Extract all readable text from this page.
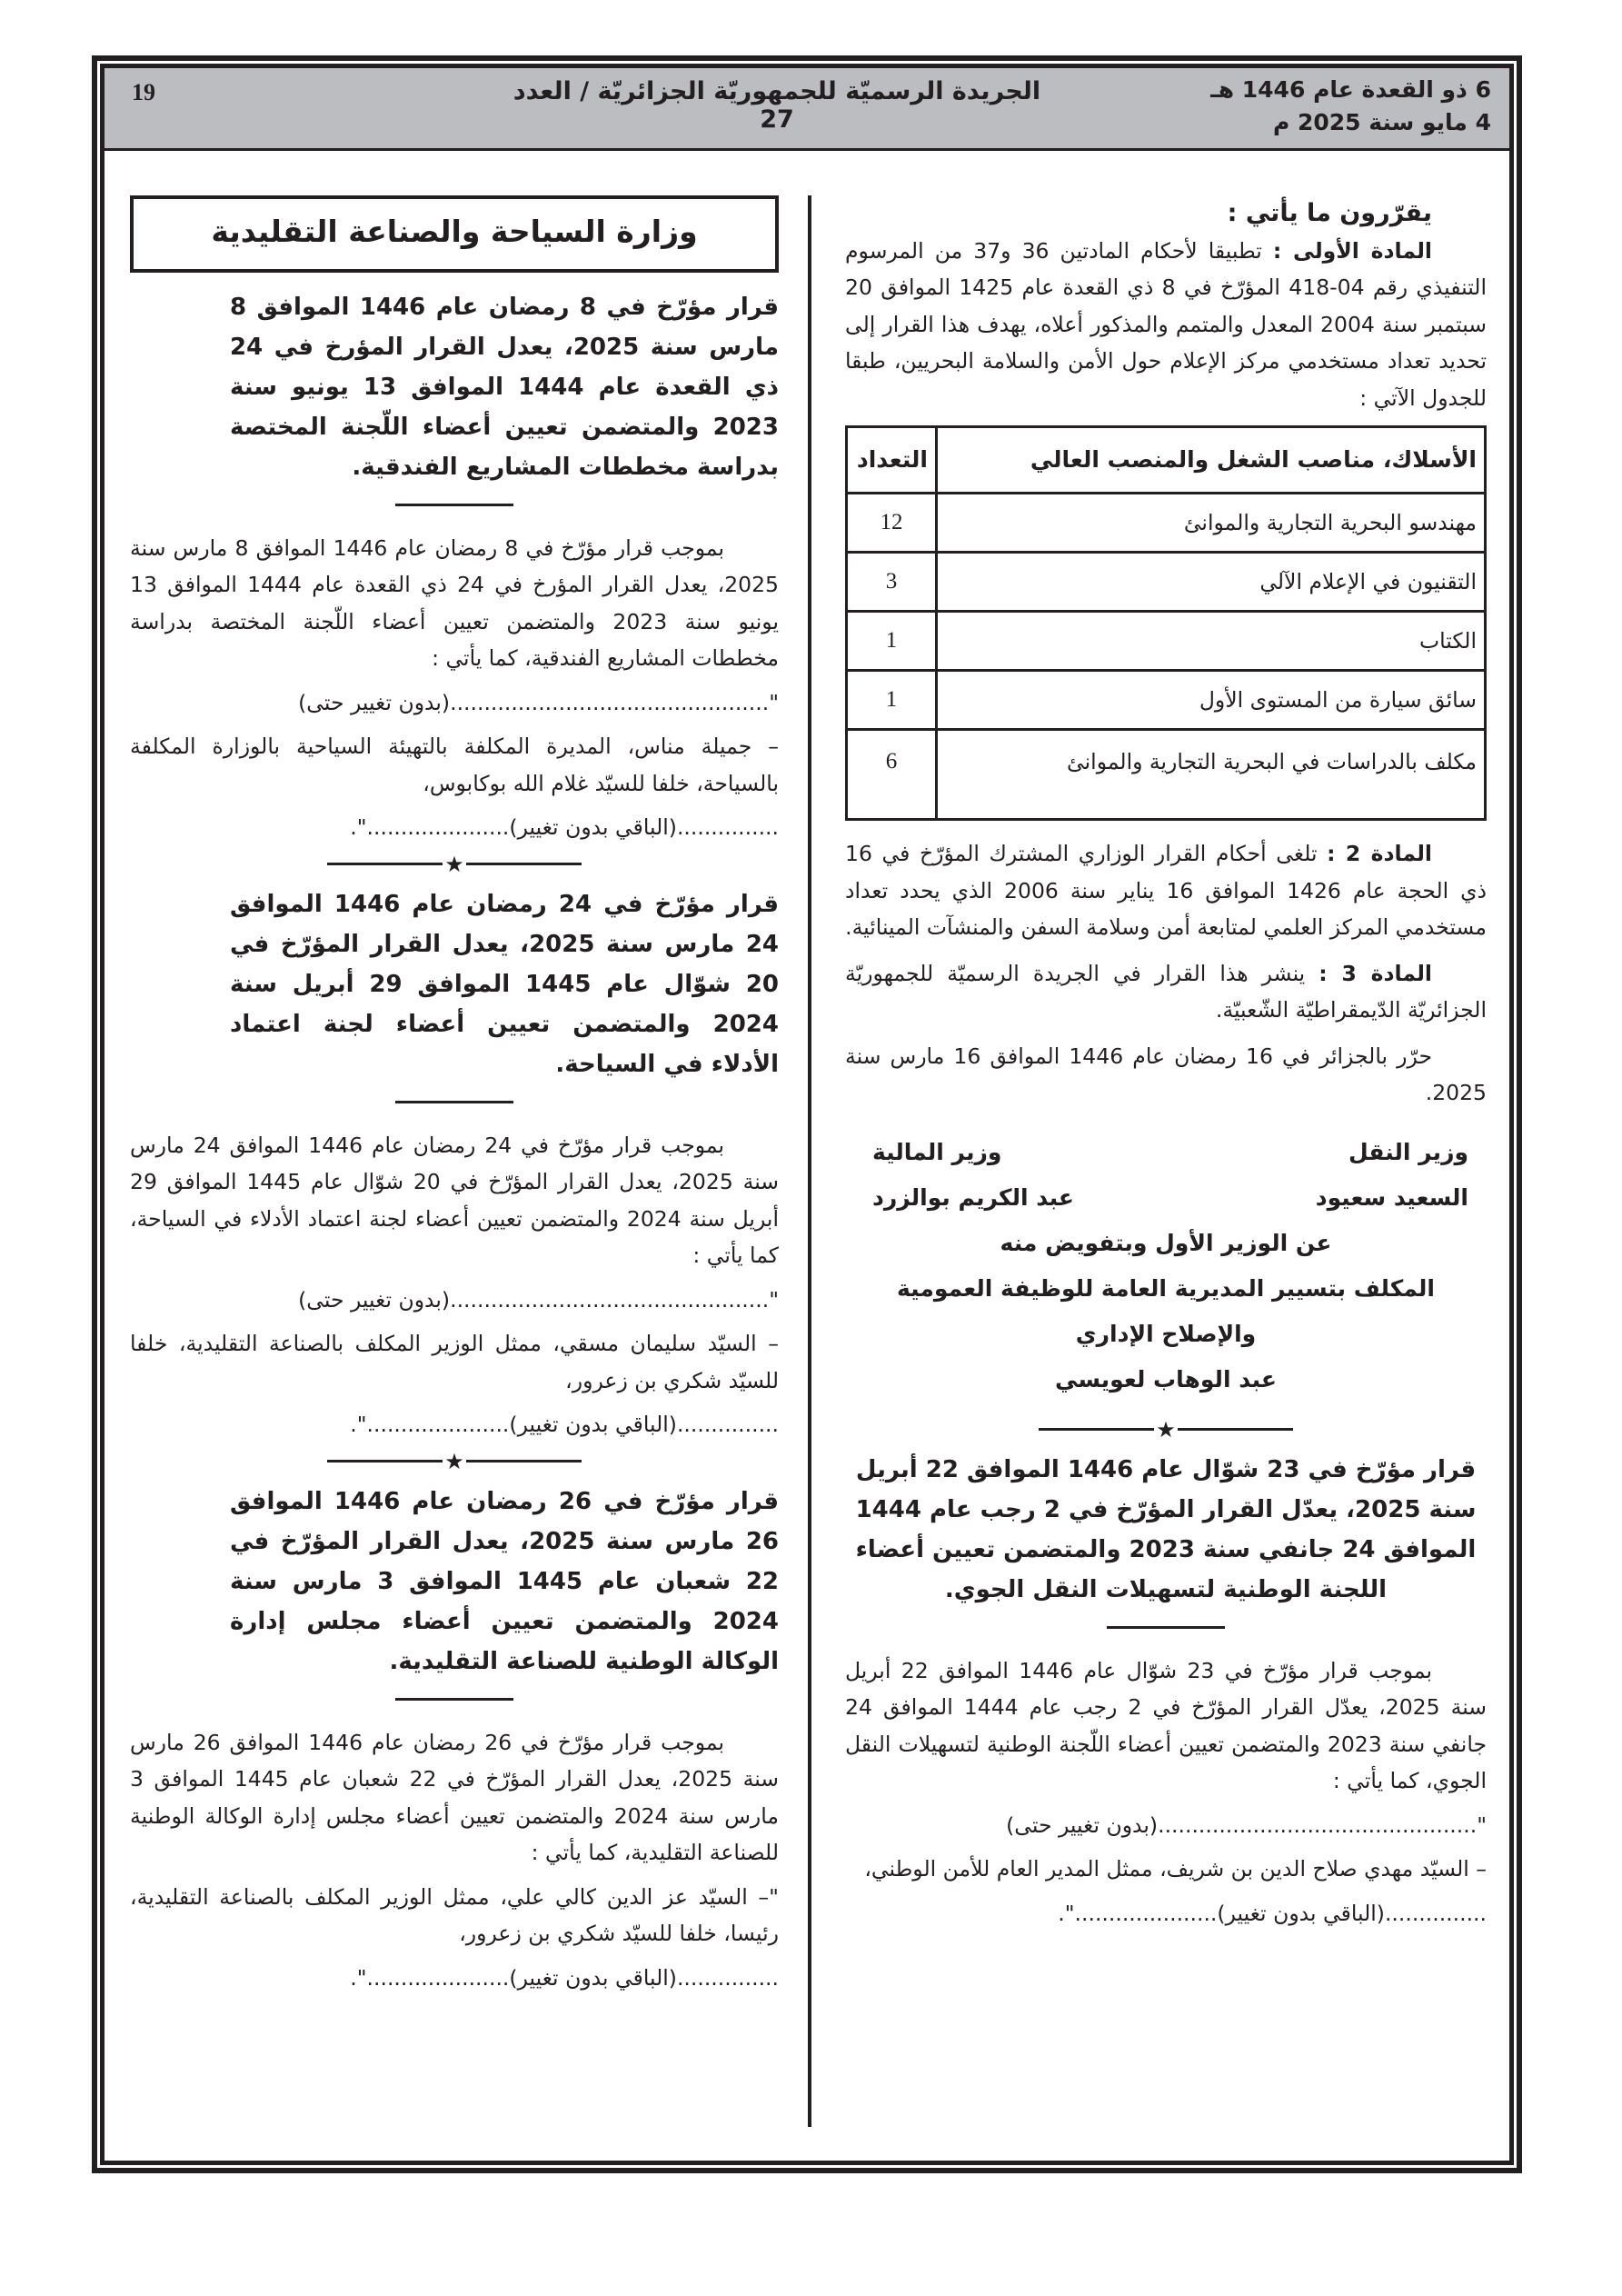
19	الجريدة الرسميّة للجمهوريّة الجزائريّة / العدد 27
6 ذو القعدة عام 1446 هـ
4 مايو سنة 2025 م

يقرّرون ما يأتي :

المادة الأولى : تطبيقا لأحكام المادتين 36 و37 من المرسوم التنفيذي رقم 04-418 المؤرّخ في 8 ذي القعدة عام 1425 الموافق 20 سبتمبر سنة 2004 المعدل والمتمم والمذكور أعلاه، يهدف هذا القرار إلى تحديد تعداد مستخدمي مركز الإعلام حول الأمن والسلامة البحريين، طبقا للجدول الآتي :

الأسلاك، مناصب الشغل والمنصب العالي	التعداد
مهندسو البحرية التجارية والموانئ	12
التقنيون في الإعلام الآلي	3
الكتاب	1
سائق سيارة من المستوى الأول	1
مكلف بالدراسات في البحرية التجارية والموانئ	6

المادة 2 : تلغى أحكام القرار الوزاري المشترك المؤرّخ في 16 ذي الحجة عام 1426 الموافق 16 يناير سنة 2006 الذي يحدد تعداد مستخدمي المركز العلمي لمتابعة أمن وسلامة السفن والمنشآت المينائية.

المادة 3 : ينشر هذا القرار في الجريدة الرسميّة للجمهوريّة الجزائريّة الدّيمقراطيّة الشّعبيّة.

حرّر بالجزائر في 16 رمضان عام 1446 الموافق 16 مارس سنة 2025.

وزير النقل
وزير المالية
السعيد سعيود
عبد الكريم بوالزرد
عن الوزير الأول وبتفويض منه
المكلف بتسيير المديرية العامة للوظيفة العمومية
والإصلاح الإداري
عبد الوهاب لعويسي
★

قرار مؤرّخ في 23 شوّال عام 1446 الموافق 22 أبريل سنة 2025، يعدّل القرار المؤرّخ في 2 رجب عام 1444 الموافق 24 جانفي سنة 2023 والمتضمن تعيين أعضاء اللجنة الوطنية لتسهيلات النقل الجوي.

بموجب قرار مؤرّخ في 23 شوّال عام 1446 الموافق 22 أبريل سنة 2025، يعدّل القرار المؤرّخ في 2 رجب عام 1444 الموافق 24 جانفي سنة 2023 والمتضمن تعيين أعضاء اللّجنة الوطنية لتسهيلات النقل الجوي، كما يأتي :

"...............................................(بدون تغيير حتى)

– السيّد مهدي صلاح الدين بن شريف، ممثل المدير العام للأمن الوطني،

...............(الباقي بدون تغيير).....................".

وزارة السياحة والصناعة التقليدية

قرار مؤرّخ في 8 رمضان عام 1446 الموافق 8 مارس سنة 2025، يعدل القرار المؤرخ في 24 ذي القعدة عام 1444 الموافق 13 يونيو سنة 2023 والمتضمن تعيين أعضاء اللّجنة المختصة بدراسة مخططات المشاريع الفندقية.

بموجب قرار مؤرّخ في 8 رمضان عام 1446 الموافق 8 مارس سنة 2025، يعدل القرار المؤرخ في 24 ذي القعدة عام 1444 الموافق 13 يونيو سنة 2023 والمتضمن تعيين أعضاء اللّجنة المختصة بدراسة مخططات المشاريع الفندقية، كما يأتي :

"...............................................(بدون تغيير حتى)

– جميلة مناس، المديرة المكلفة بالتهيئة السياحية بالوزارة المكلفة بالسياحة، خلفا للسيّد غلام الله بوكابوس،

...............(الباقي بدون تغيير).....................".

★

قرار مؤرّخ في 24 رمضان عام 1446 الموافق 24 مارس سنة 2025، يعدل القرار المؤرّخ في 20 شوّال عام 1445 الموافق 29 أبريل سنة 2024 والمتضمن تعيين أعضاء لجنة اعتماد الأدلاء في السياحة.

بموجب قرار مؤرّخ في 24 رمضان عام 1446 الموافق 24 مارس سنة 2025، يعدل القرار المؤرّخ في 20 شوّال عام 1445 الموافق 29 أبريل سنة 2024 والمتضمن تعيين أعضاء لجنة اعتماد الأدلاء في السياحة، كما يأتي :

"...............................................(بدون تغيير حتى)

– السيّد سليمان مسقي، ممثل الوزير المكلف بالصناعة التقليدية، خلفا للسيّد شكري بن زعرور،

...............(الباقي بدون تغيير).....................".

★

قرار مؤرّخ في 26 رمضان عام 1446 الموافق 26 مارس سنة 2025، يعدل القرار المؤرّخ في 22 شعبان عام 1445 الموافق 3 مارس سنة 2024 والمتضمن تعيين أعضاء مجلس إدارة الوكالة الوطنية للصناعة التقليدية.

بموجب قرار مؤرّخ في 26 رمضان عام 1446 الموافق 26 مارس سنة 2025، يعدل القرار المؤرّخ في 22 شعبان عام 1445 الموافق 3 مارس سنة 2024 والمتضمن تعيين أعضاء مجلس إدارة الوكالة الوطنية للصناعة التقليدية، كما يأتي :

"– السيّد عز الدين كالي علي، ممثل الوزير المكلف بالصناعة التقليدية، رئيسا، خلفا للسيّد شكري بن زعرور،

...............(الباقي بدون تغيير).....................".
